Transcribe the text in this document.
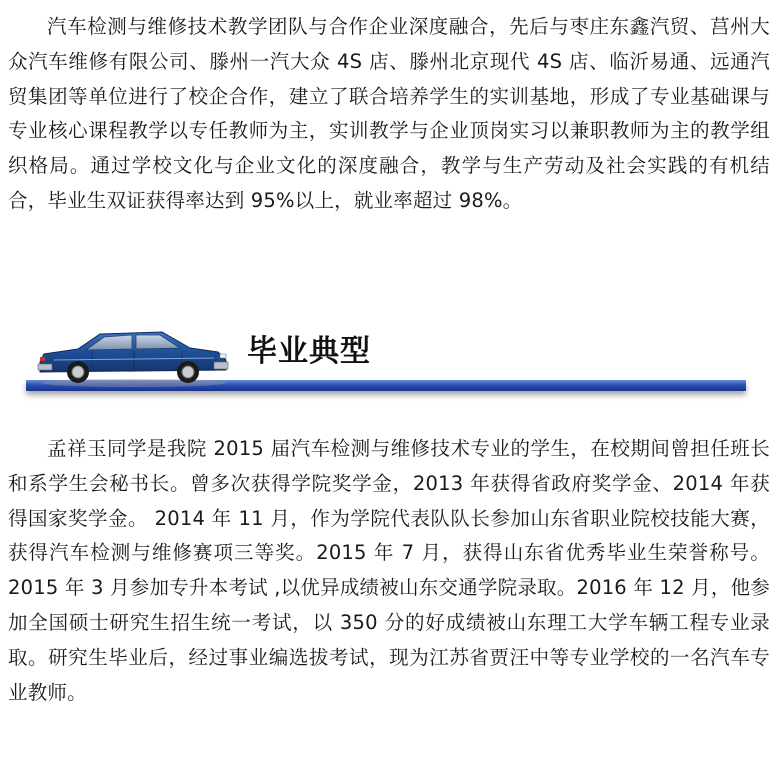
汽车检测与维修技术教学团队与合作企业深度融合，先后与枣庄东鑫汽贸、莒州大众汽车维修有限公司、滕州一汽大众 4S 店、滕州北京现代 4S 店、临沂易通、远通汽贸集团等单位进行了校企合作，建立了联合培养学生的实训基地，形成了专业基础课与专业核心课程教学以专任教师为主，实训教学与企业顶岗实习以兼职教师为主的教学组织格局。通过学校文化与企业文化的深度融合，教学与生产劳动及社会实践的有机结合，毕业生双证获得率达到 95%以上，就业率超过 98%。

毕业典型

孟祥玉同学是我院 2015 届汽车检测与维修技术专业的学生，在校期间曾担任班长和系学生会秘书长。曾多次获得学院奖学金，2013 年获得省政府奖学金、2014 年获得国家奖学金。 2014 年 11 月，作为学院代表队队长参加山东省职业院校技能大赛，获得汽车检测与维修赛项三等奖。2015 年 7 月，获得山东省优秀毕业生荣誉称号。2015 年 3 月参加专升本考试 ,以优异成绩被山东交通学院录取。2016 年 12 月，他参加全国硕士研究生招生统一考试，以 350 分的好成绩被山东理工大学车辆工程专业录取。研究生毕业后，经过事业编选拔考试，现为江苏省贾汪中等专业学校的一名汽车专业教师。
